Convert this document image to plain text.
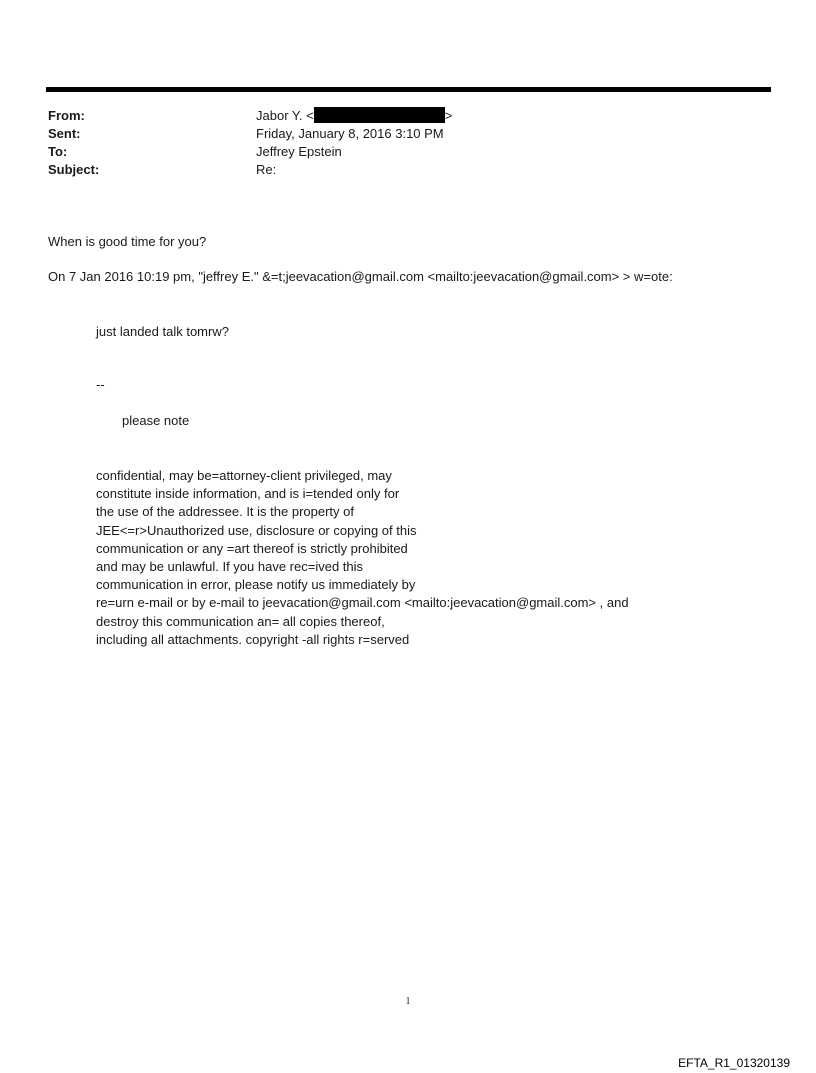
From:	Jabor Y. <	>
Sent:	Friday, January 8, 2016 3:10 PM
To:	Jeffrey Epstein
Subject:	Re:
When is good time for you?
On 7 Jan 2016 10:19 pm, "jeffrey E." &=t;jeevacation@gmail.com <mailto:jeevacation@gmail.com> > w=ote:
just landed talk tomrw?
--
please note
confidential, may be=attorney-client privileged, may
constitute inside information, and is i=tended only for
the use of the addressee. It is the property of
JEE<=r>Unauthorized use, disclosure or copying of this
communication or any =art thereof is strictly prohibited
and may be unlawful. If you have rec=ived this
communication in error, please notify us immediately by
re=urn e-mail or by e-mail to jeevacation@gmail.com <mailto:jeevacation@gmail.com> , and
destroy this communication an= all copies thereof,
including all attachments. copyright -all rights r=served
1
EFTA_R1_01320139
